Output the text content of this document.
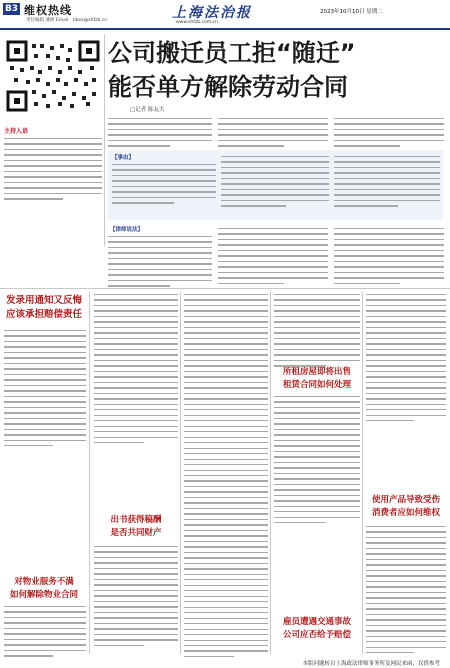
B3 维权热线
责任编辑 潘俊 Email：hbxx@shfzb.cn	上海法治报	2023年10月10日 星期二
www.shfzb.com.cn
主持人语
公司搬迁员工拒“随迁”
能否单方解除劳动合同
□记者 陈友夫
【事由】
【律师说法】
发录用通知又反悔
应该承担赔偿责任
对物业服务不满
如何解除物业合同
出书获得稿酬
是否共同财产
所租房屋即将出售
租赁合同如何处理
雇员遭遇交通事故
公司应否给予赔偿
使用产品导致受伤
消费者应如何维权
本版问题转自上海政法律师事务所及网民来函，仅供参考
